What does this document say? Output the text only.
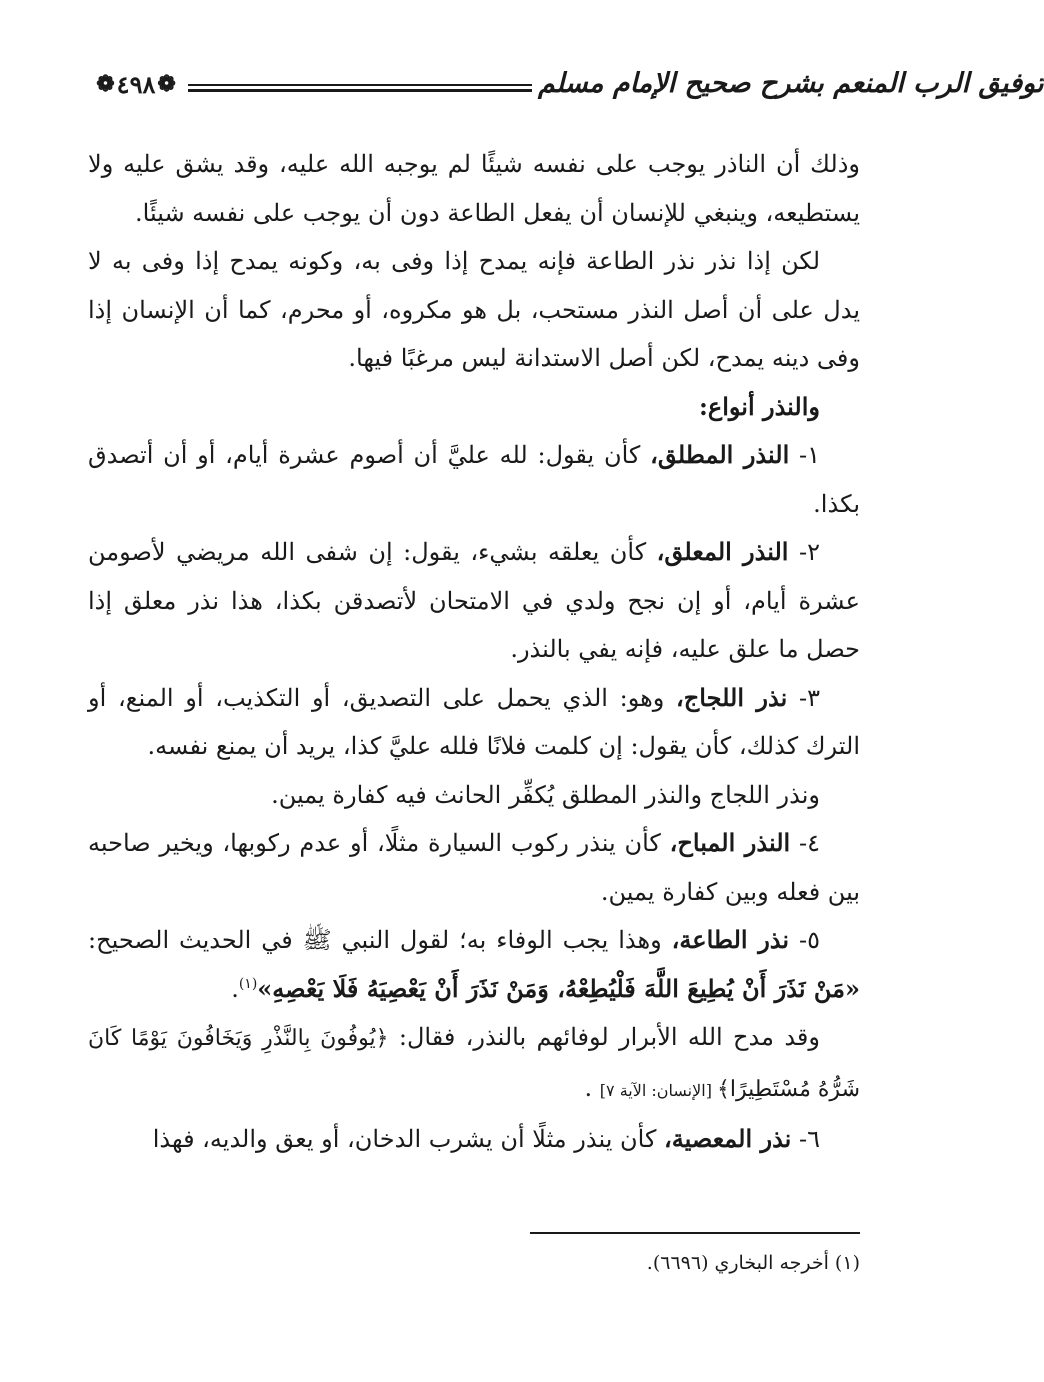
❁
٤٩٨
❁	توفيق الرب المنعم بشرح صحيح الإمام مسلم

وذلك أن الناذر يوجب على نفسه شيئًا لم يوجبه الله عليه، وقد يشق عليه ولا يستطيعه، وينبغي للإنسان أن يفعل الطاعة دون أن يوجب على نفسه شيئًا.

لكن إذا نذر نذر الطاعة فإنه يمدح إذا وفى به، وكونه يمدح إذا وفى به لا يدل على أن أصل النذر مستحب، بل هو مكروه، أو محرم، كما أن الإنسان إذا وفى دينه يمدح، لكن أصل الاستدانة ليس مرغبًا فيها.

والنذر أنواع:

١- النذر المطلق، كأن يقول: لله عليَّ أن أصوم عشرة أيام، أو أن أتصدق بكذا.

٢- النذر المعلق، كأن يعلقه بشيء، يقول: إن شفى الله مريضي لأصومن عشرة أيام، أو إن نجح ولدي في الامتحان لأتصدقن بكذا، هذا نذر معلق إذا حصل ما علق عليه، فإنه يفي بالنذر.

٣- نذر اللجاج، وهو: الذي يحمل على التصديق، أو التكذيب، أو المنع، أو الترك كذلك، كأن يقول: إن كلمت فلانًا فلله عليَّ كذا، يريد أن يمنع نفسه.

ونذر اللجاج والنذر المطلق يُكفِّر الحانث فيه كفارة يمين.

٤- النذر المباح، كأن ينذر ركوب السيارة مثلًا، أو عدم ركوبها، ويخير صاحبه بين فعله وبين كفارة يمين.

٥- نذر الطاعة، وهذا يجب الوفاء به؛ لقول النبي ﷺ في الحديث الصحيح: «مَنْ نَذَرَ أَنْ يُطِيعَ اللَّهَ فَلْيُطِعْهُ، وَمَنْ نَذَرَ أَنْ يَعْصِيَهُ فَلَا يَعْصِهِ»$^{(١)}$.

وقد مدح الله الأبرار لوفائهم بالنذر، فقال: ﴿يُوفُونَ بِالنَّذْرِ وَيَخَافُونَ يَوْمًا كَانَ شَرُّهُ مُسْتَطِيرًا﴾ [الإنسان: الآية ٧] .

٦- نذر المعصية، كأن ينذر مثلًا أن يشرب الدخان، أو يعق والديه، فهذا

(١) أخرجه البخاري (٦٦٩٦).
